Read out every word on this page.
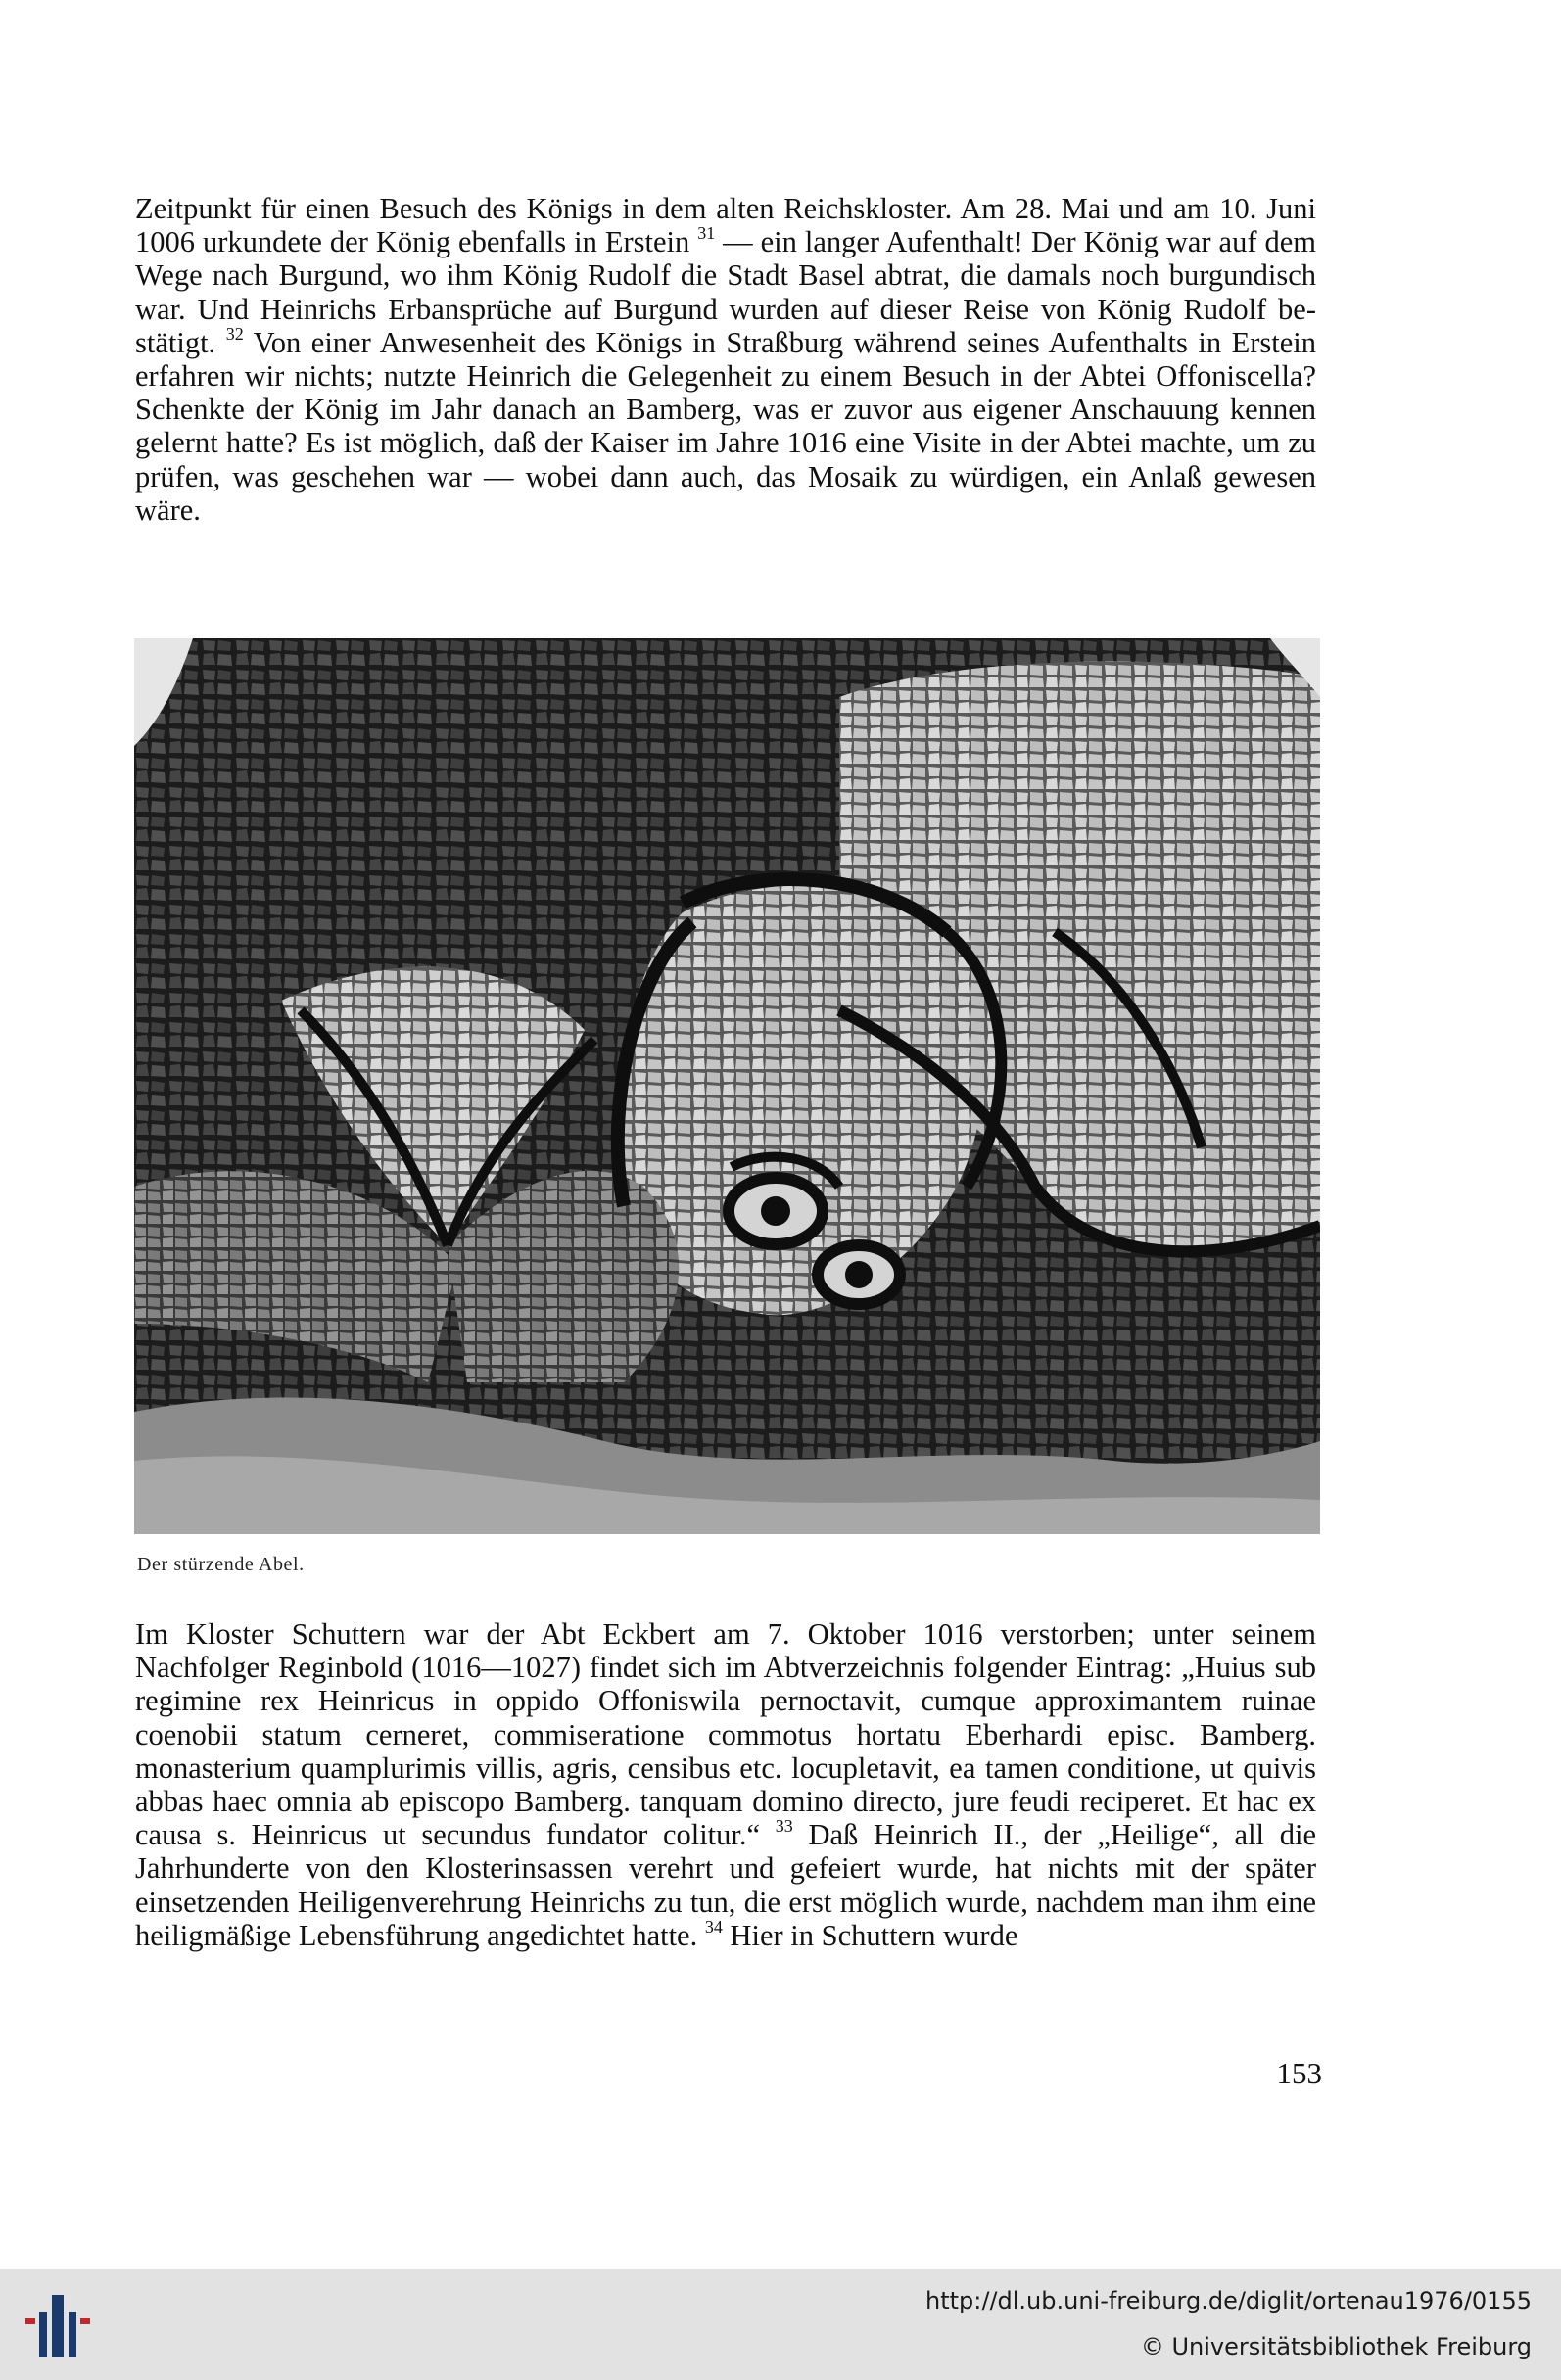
Zeitpunkt für einen Besuch des Königs in dem alten Reichskloster. Am 28. Mai und am 10. Juni 1006 urkundete der König ebenfalls in Erstein $^{31}$ — ein langer Aufenthalt! Der König war auf dem Wege nach Burgund, wo ihm König Rudolf die Stadt Basel abtrat, die damals noch burgundisch war. Und Heinrichs Erbansprüche auf Burgund wurden auf dieser Reise von König Rudolf bestätigt. $^{32}$ Von einer Anwesenheit des Königs in Straßburg während seines Aufenthalts in Erstein erfahren wir nichts; nutzte Heinrich die Gelegenheit zu einem Besuch in der Abtei Offoniscella? Schenkte der König im Jahr danach an Bamberg, was er zuvor aus eigener Anschauung kennen gelernt hatte? Es ist möglich, daß der Kaiser im Jahre 1016 eine Visite in der Abtei machte, um zu prüfen, was geschehen war — wobei dann auch, das Mosaik zu würdigen, ein Anlaß gewesen wäre.

Der stürzende Abel.

Im Kloster Schuttern war der Abt Eckbert am 7. Oktober 1016 verstorben; unter seinem Nachfolger Reginbold (1016—1027) findet sich im Abtverzeichnis folgender Eintrag: „Huius sub regimine rex Heinricus in oppido Offoniswila pernoctavit, cumque approximantem ruinae coenobii statum cerneret, commiseratione commotus hortatu Eberhardi episc. Bamberg. monasterium quamplurimis villis, agris, censibus etc. locupletavit, ea tamen conditione, ut quivis abbas haec omnia ab episcopo Bamberg. tanquam domino directo, jure feudi reciperet. Et hac ex causa s. Heinricus ut secundus fundator colitur.“ $^{33}$ Daß Heinrich II., der „Heilige“, all die Jahrhunderte von den Klosterinsassen verehrt und gefeiert wurde, hat nichts mit der später einsetzenden Heiligenverehrung Heinrichs zu tun, die erst möglich wurde, nachdem man ihm eine heiligmäßige Lebensführung angedichtet hatte. $^{34}$ Hier in Schuttern wurde

153
http://dl.ub.uni-freiburg.de/diglit/ortenau1976/0155
© Universitätsbibliothek Freiburg
